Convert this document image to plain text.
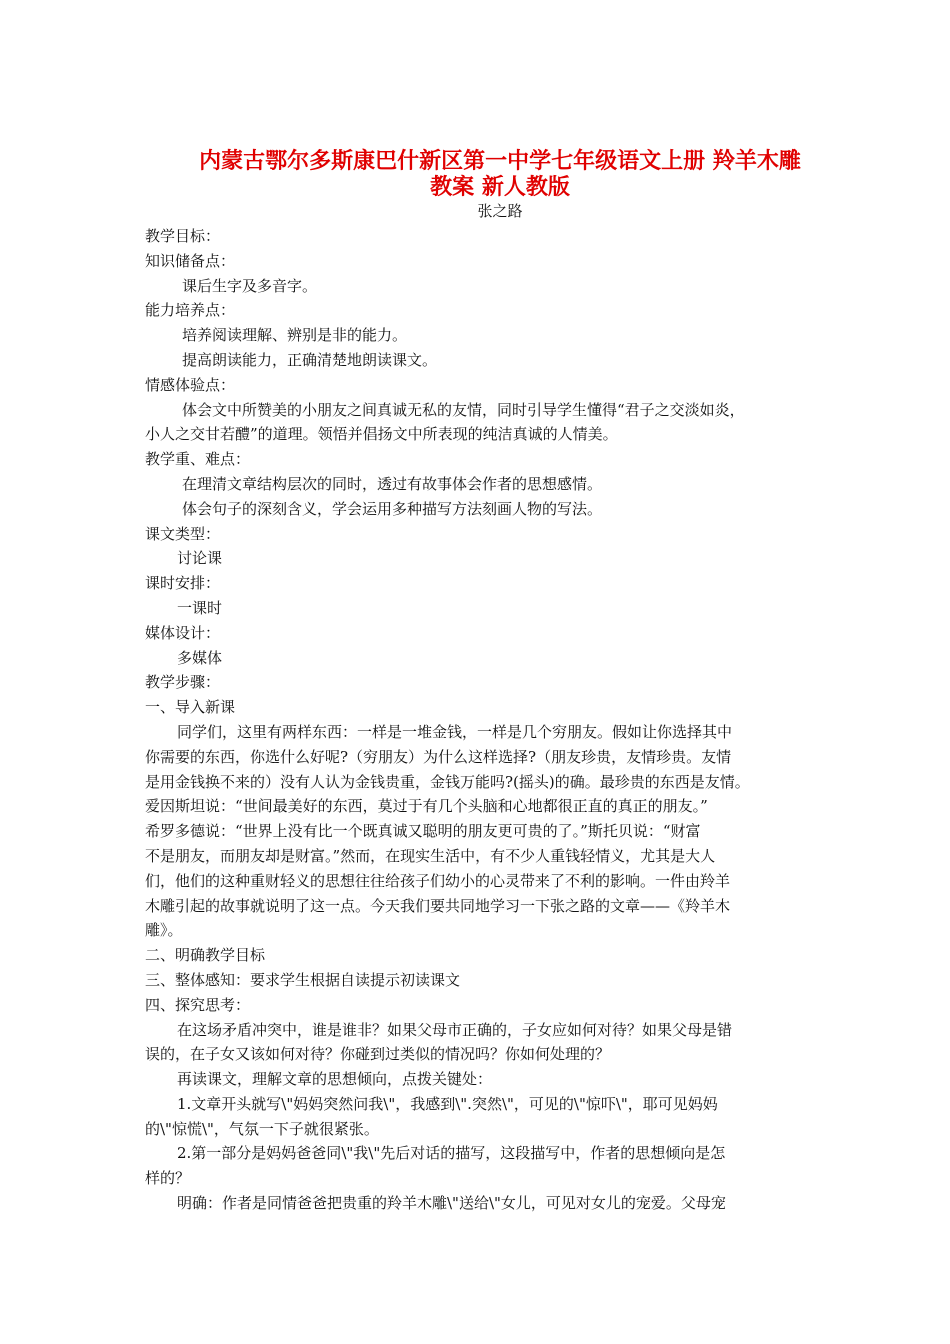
内蒙古鄂尔多斯康巴什新区第一中学七年级语文上册 羚羊木雕
教案 新人教版
张之路
教学目标：
知识储备点：
课后生字及多音字。
能力培养点：
培养阅读理解、辨别是非的能力。
提高朗读能力，正确清楚地朗读课文。
情感体验点：
体会文中所赞美的小朋友之间真诚无私的友情，同时引导学生懂得“君子之交淡如炎，
小人之交甘若醴”的道理。领悟并倡扬文中所表现的纯洁真诚的人情美。
教学重、难点：
在理清文章结构层次的同时，透过有故事体会作者的思想感情。
体会句子的深刻含义，学会运用多种描写方法刻画人物的写法。
课文类型：
讨论课
课时安排：
一课时
媒体设计：
多媒体
教学步骤：
一、导入新课
同学们，这里有两样东西：一样是一堆金钱，一样是几个穷朋友。假如让你选择其中
你需要的东西，你选什么好呢?（穷朋友）为什么这样选择?（朋友珍贵，友情珍贵。友情
是用金钱换不来的）没有人认为金钱贵重，金钱万能吗?(摇头)的确。最珍贵的东西是友情。
爱因斯坦说：“世间最美好的东西，莫过于有几个头脑和心地都很正直的真正的朋友。”
希罗多德说：“世界上没有比一个既真诚又聪明的朋友更可贵的了。”斯托贝说：“财富
不是朋友，而朋友却是财富。”然而，在现实生活中，有不少人重钱轻情义，尤其是大人
们，他们的这种重财轻义的思想往往给孩子们幼小的心灵带来了不利的影响。一件由羚羊
木雕引起的故事就说明了这一点。今天我们要共同地学习一下张之路的文章——《羚羊木
雕》。
二、明确教学目标
三、整体感知：要求学生根据自读提示初读课文
四、探究思考：
在这场矛盾冲突中，谁是谁非？如果父母市正确的，子女应如何对待？如果父母是错
误的，在子女又该如何对待？你碰到过类似的情况吗？你如何处理的？
再读课文，理解文章的思想倾向，点拨关键处：
1.文章开头就写\"妈妈突然问我\"，我感到\".突然\"，可见的\"惊吓\"，耶可见妈妈
的\"惊慌\"，气氛一下子就很紧张。
2.第一部分是妈妈爸爸同\"我\"先后对话的描写，这段描写中，作者的思想倾向是怎
样的？
明确：作者是同情爸爸把贵重的羚羊木雕\"送给\"女儿，可见对女儿的宠爱。父母宠
